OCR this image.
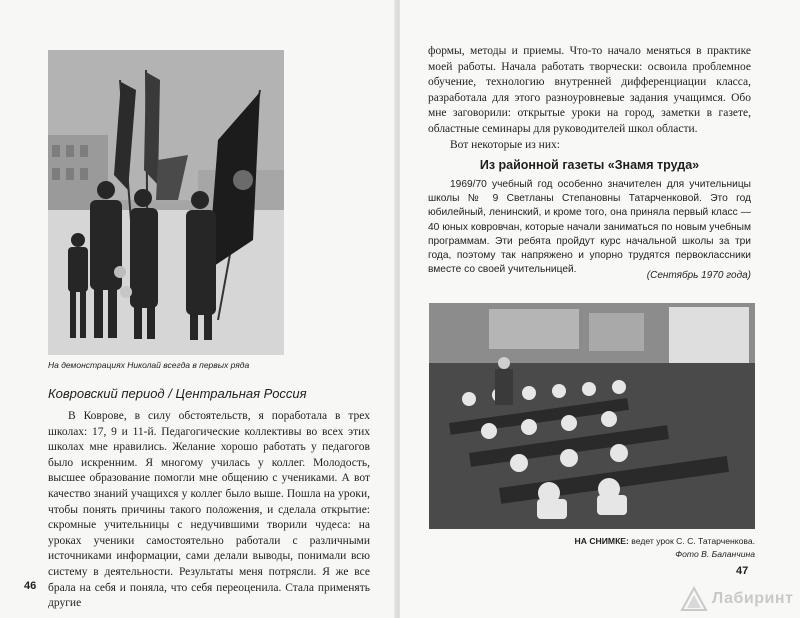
На демонстрациях Николай всегда в первых ряда
Ковровский период / Центральная Россия
В Коврове, в силу обстоятельств, я поработала в трех школах: 17, 9 и 11-й. Педагогические коллективы во всех этих школах мне нравились. Желание хорошо работать у педагогов было искренним. Я многому училась у коллег. Молодость, высшее образование помогли мне общению с учениками. А вот качество знаний учащихся у коллег было выше. Пошла на уроки, чтобы понять причины такого положения, и сделала открытие: скромные учительницы с недучившими творили чудеса: на уроках ученики самостоятельно работали с различными источниками информации, сами делали выводы, понимали всю систему в деятельности. Результаты меня потрясли. Я же все брала на себя и поняла, что себя переоценила. Стала применять другие
46
формы, методы и приемы. Что-то начало меняться в практике моей работы. Начала работать творчески: освоила проблемное обучение, технологию внутренней дифференциации класса, разработала для этого разноуровневые задания учащимся. Обо мне заговорили: открытые уроки на город, заметки в газете, областные семинары для руководителей школ области.
Вот некоторые из них:
Из районной газеты «Знамя труда»
1969/70 учебный год особенно значителен для учительницы школы № 9 Светланы Степановны Татарченковой. Это год юбилейный, ленинский, и кроме того, она приняла первый класс — 40 юных ковровчан, которые начали заниматься по новым учебным программам. Эти ребята пройдут курс начальной школы за три года, поэтому так напряжено и упорно трудятся первоклассники вместе со своей учительницей.
(Сентябрь 1970 года)
НА СНИМКЕ: ведет урок С. С. Татарченкова.
Фото В. Баланчина
47
Лабиринт
